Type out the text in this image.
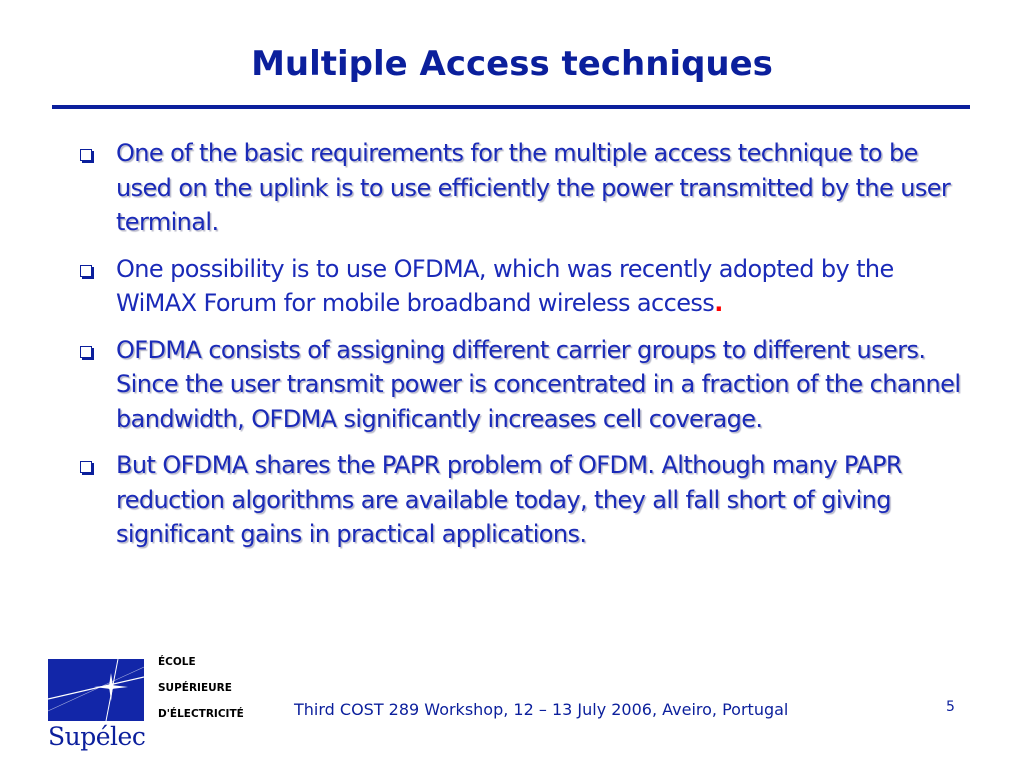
Multiple Access techniques
One of the basic requirements for the multiple access technique to be used on the uplink is to use efficiently the power transmitted by the user terminal.
One possibility is to use OFDMA, which was recently adopted by the WiMAX Forum for mobile broadband wireless access.
OFDMA consists of assigning different carrier groups to different users. Since the user transmit power is concentrated in a fraction of the channel bandwidth, OFDMA significantly increases cell coverage.
But OFDMA shares the PAPR problem of OFDM. Although many PAPR reduction algorithms are available today, they all fall short of giving significant gains in practical applications.
Supélec
ÉCOLE
SUPÉRIEURE
D'ÉLECTRICITÉ	Third COST 289 Workshop, 12 – 13 July 2006, Aveiro, Portugal	5
